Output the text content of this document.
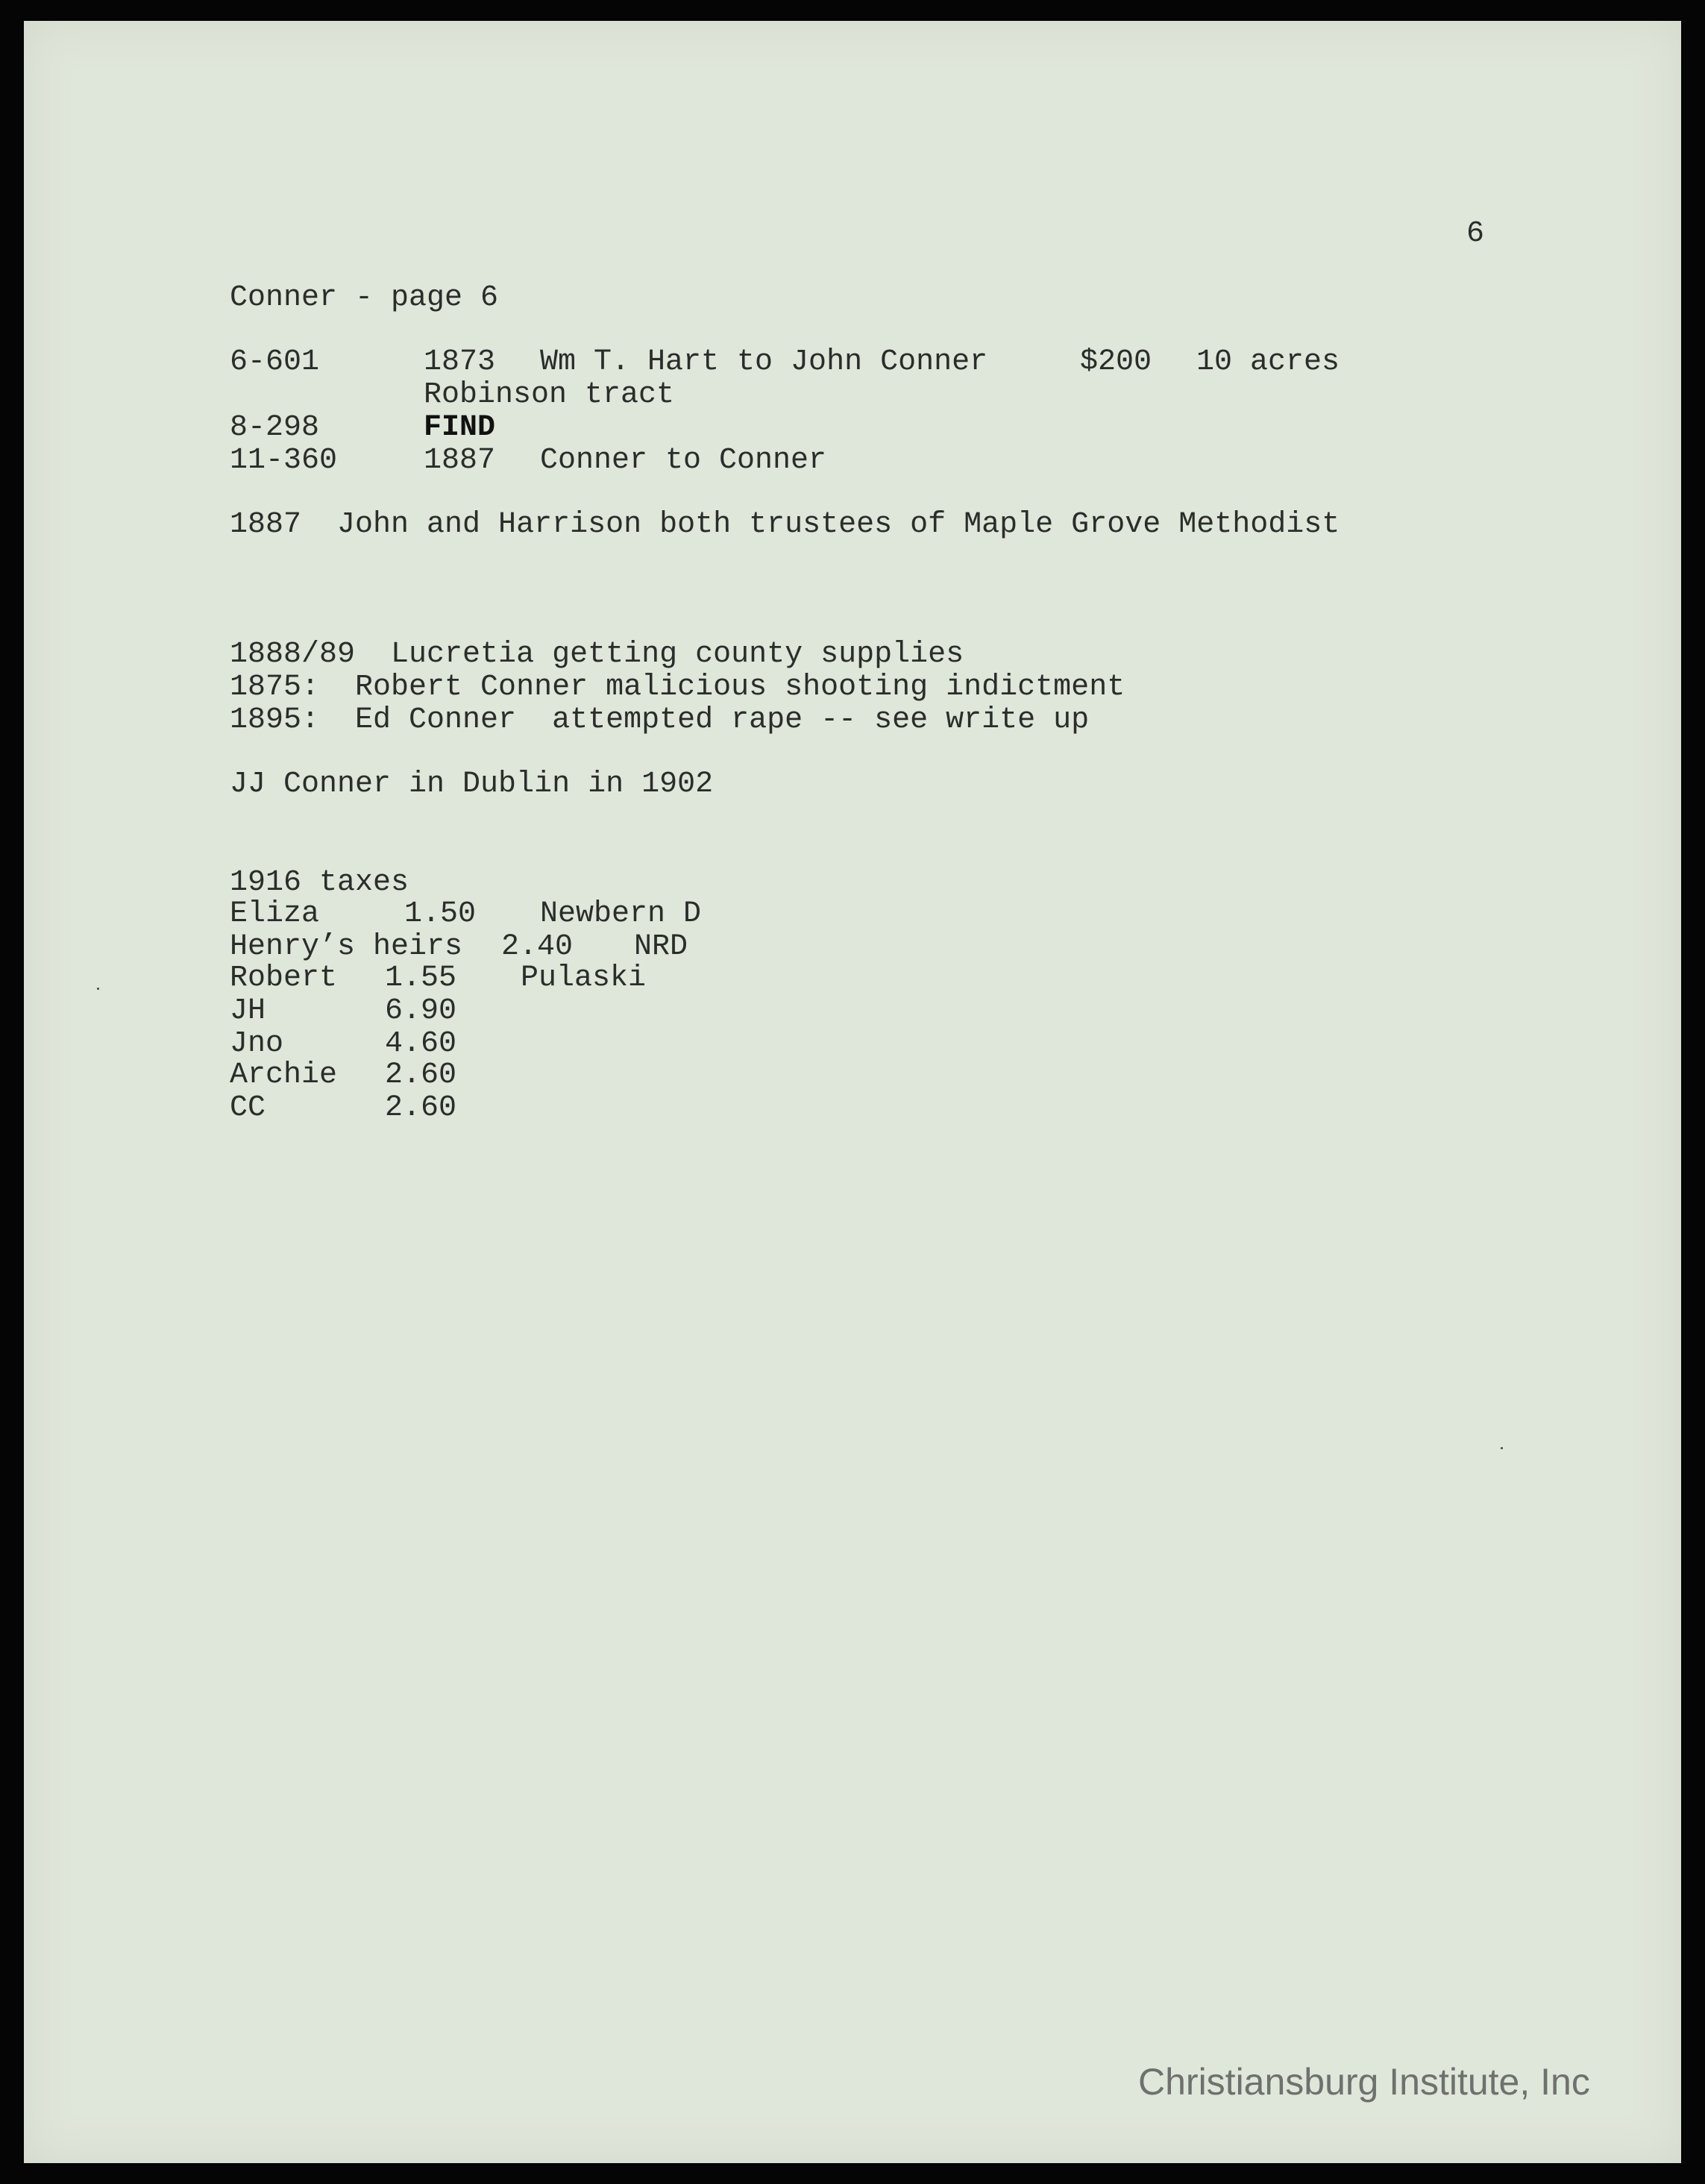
6
Conner - page 6
6-601	1873 Wm T. Hart to John Conner	$200 10 acres
Robinson tract
8-298	FIND
11-360	1887 Conner to Conner
1887  John and Harrison both trustees of Maple Grove Methodist
1888/89  Lucretia getting county supplies
1875:  Robert Conner malicious shooting indictment
1895:  Ed Conner  attempted rape -- see write up
JJ Conner in Dublin in 1902
1916 taxes
Eliza	1.50 Newbern D
Henry’s heirs 2.40 NRD
Robert 1.55 Pulaski
JH	6.90
Jno	4.60
Archie 2.60
CC	2.60
Christiansburg Institute, Inc
